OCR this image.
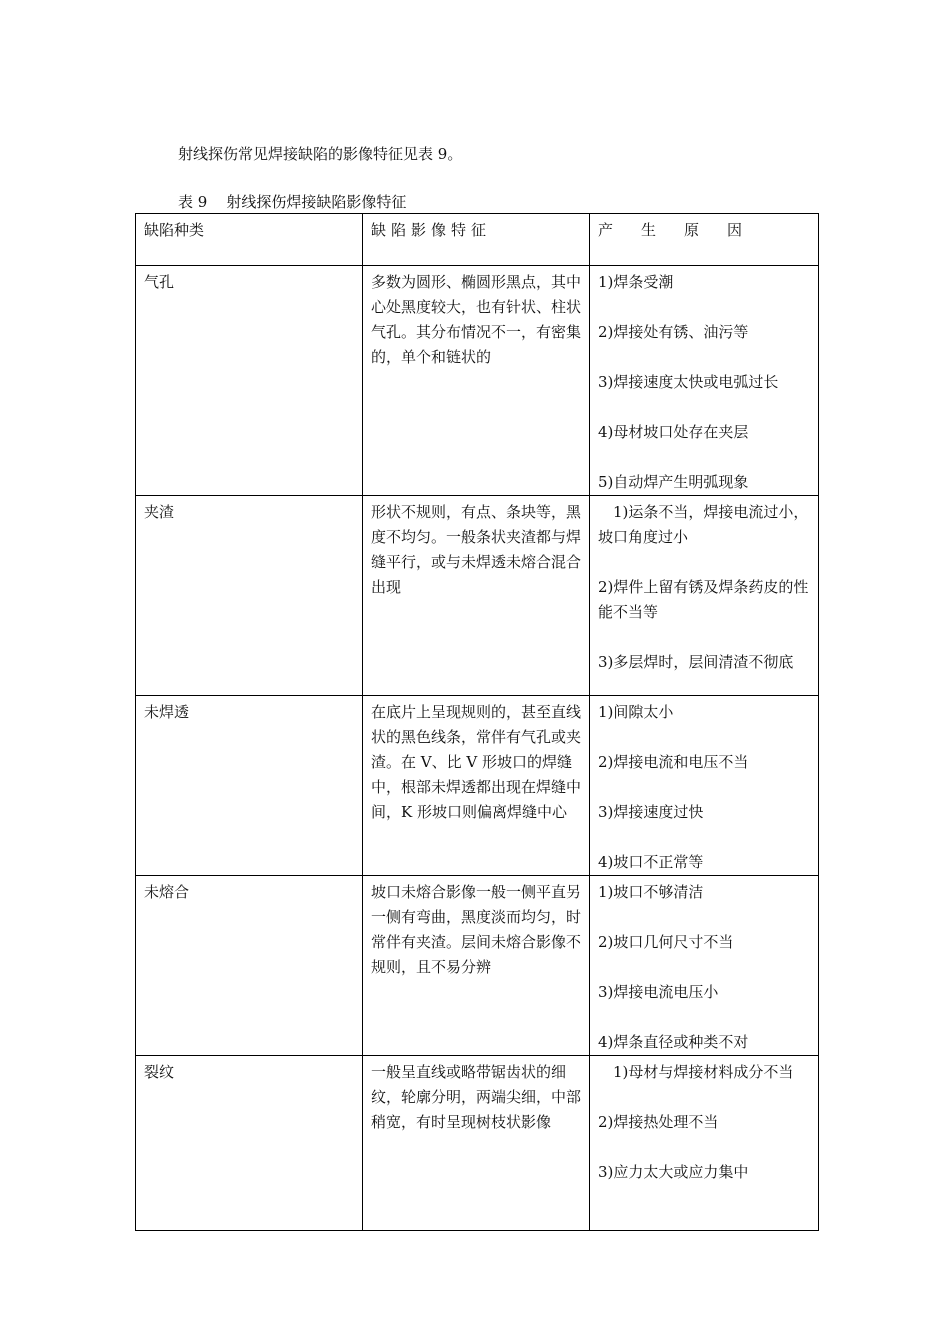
射线探伤常见焊接缺陷的影像特征见表 9。
表 9    射线探伤焊接缺陷影像特征
缺陷种类	缺陷影像特征	产生原因
气孔	多数为圆形、椭圆形黑点，其中心处黑度较大，也有针状、柱状气孔。其分布情况不一，有密集的，单个和链状的	1)焊条受潮
2)焊接处有锈、油污等
3)焊接速度太快或电弧过长
4)母材坡口处存在夹层
5)自动焊产生明弧现象

夹渣	形状不规则，有点、条块等，黑度不均匀。一般条状夹渣都与焊缝平行，或与未焊透未熔合混合出现	1)运条不当，焊接电流过小，坡口角度过小
2)焊件上留有锈及焊条药皮的性能不当等
3)多层焊时，层间清渣不彻底

未焊透	在底片上呈现规则的，甚至直线状的黑色线条，常伴有气孔或夹渣。在 V、比 V 形坡口的焊缝中，根部未焊透都出现在焊缝中间，K 形坡口则偏离焊缝中心	1)间隙太小
2)焊接电流和电压不当
3)焊接速度过快
4)坡口不正常等

未熔合	坡口未熔合影像一般一侧平直另一侧有弯曲，黑度淡而均匀，时常伴有夹渣。层间未熔合影像不规则，且不易分辨	1)坡口不够清洁
2)坡口几何尺寸不当
3)焊接电流电压小
4)焊条直径或种类不对

裂纹	一般呈直线或略带锯齿状的细纹，轮廓分明，两端尖细，中部稍宽，有时呈现树枝状影像	1)母材与焊接材料成分不当
2)焊接热处理不当
3)应力太大或应力集中
